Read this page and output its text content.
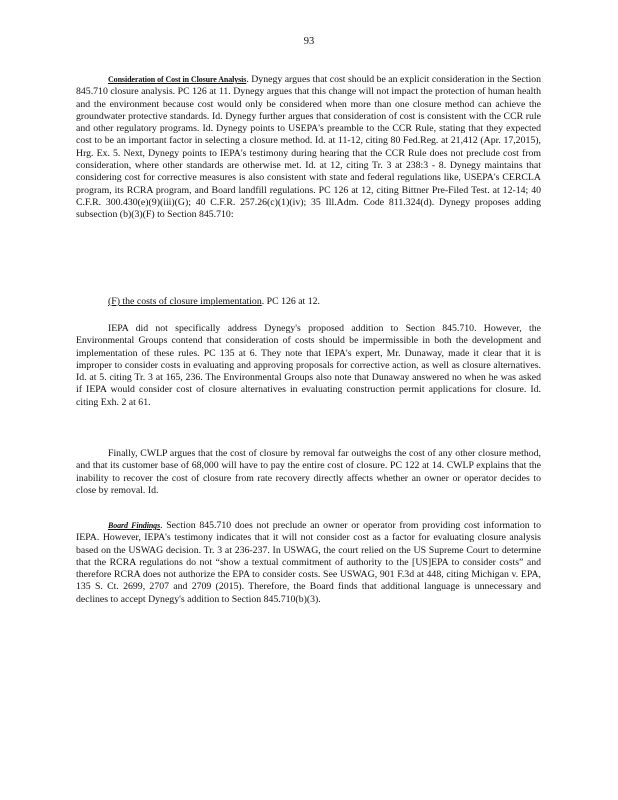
93

Consideration of Cost in Closure Analysis. Dynegy argues that cost should be an explicit consideration in the Section 845.710 closure analysis. PC 126 at 11. Dynegy argues that this change will not impact the protection of human health and the environment because cost would only be considered when more than one closure method can achieve the groundwater protective standards. Id. Dynegy further argues that consideration of cost is consistent with the CCR rule and other regulatory programs. Id. Dynegy points to USEPA's preamble to the CCR Rule, stating that they expected cost to be an important factor in selecting a closure method. Id. at 11-12, citing 80 Fed.Reg. at 21,412 (Apr. 17,2015), Hrg. Ex. 5. Next, Dynegy points to IEPA's testimony during hearing that the CCR Rule does not preclude cost from consideration, where other standards are otherwise met. Id. at 12, citing Tr. 3 at 238:3 - 8. Dynegy maintains that considering cost for corrective measures is also consistent with state and federal regulations like, USEPA's CERCLA program, its RCRA program, and Board landfill regulations. PC 126 at 12, citing Bittner Pre-Filed Test. at 12-14; 40 C.F.R. 300.430(e)(9)(iii)(G); 40 C.F.R. 257.26(c)(1)(iv); 35 Ill.Adm. Code 811.324(d). Dynegy proposes adding subsection (b)(3)(F) to Section 845.710:

(F) the costs of closure implementation. PC 126 at 12.

IEPA did not specifically address Dynegy's proposed addition to Section 845.710. However, the Environmental Groups contend that consideration of costs should be impermissible in both the development and implementation of these rules. PC 135 at 6. They note that IEPA's expert, Mr. Dunaway, made it clear that it is improper to consider costs in evaluating and approving proposals for corrective action, as well as closure alternatives. Id. at 5. citing Tr. 3 at 165, 236. The Environmental Groups also note that Dunaway answered no when he was asked if IEPA would consider cost of closure alternatives in evaluating construction permit applications for closure. Id. citing Exh. 2 at 61.

Finally, CWLP argues that the cost of closure by removal far outweighs the cost of any other closure method, and that its customer base of 68,000 will have to pay the entire cost of closure. PC 122 at 14. CWLP explains that the inability to recover the cost of closure from rate recovery directly affects whether an owner or operator decides to close by removal. Id.

Board Findings. Section 845.710 does not preclude an owner or operator from providing cost information to IEPA. However, IEPA's testimony indicates that it will not consider cost as a factor for evaluating closure analysis based on the USWAG decision. Tr. 3 at 236-237. In USWAG, the court relied on the US Supreme Court to determine that the RCRA regulations do not “show a textual commitment of authority to the [US]EPA to consider costs” and therefore RCRA does not authorize the EPA to consider costs. See USWAG, 901 F.3d at 448, citing Michigan v. EPA, 135 S. Ct. 2699, 2707 and 2709 (2015). Therefore, the Board finds that additional language is unnecessary and declines to accept Dynegy's addition to Section 845.710(b)(3).
